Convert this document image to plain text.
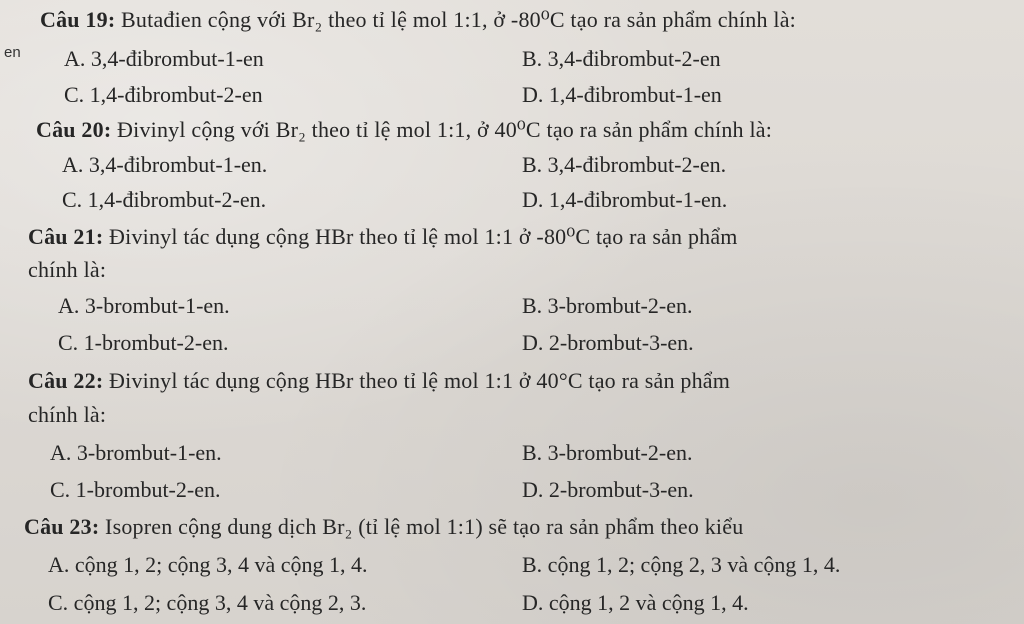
en
Câu 19: Butađien cộng với Br₂ theo tỉ lệ mol 1:1, ở -80⁰C tạo ra sản phẩm chính là:
A. 3,4-đibrombut-1-en	B. 3,4-đibrombut-2-en
C. 1,4-đibrombut-2-en	D. 1,4-đibrombut-1-en
Câu 20: Đivinyl cộng với Br₂ theo tỉ lệ mol 1:1, ở 40⁰C tạo ra sản phẩm chính là:
A. 3,4-đibrombut-1-en.	B. 3,4-đibrombut-2-en.
C. 1,4-đibrombut-2-en.	D. 1,4-đibrombut-1-en.
Câu 21: Đivinyl tác dụng cộng HBr theo tỉ lệ mol 1:1 ở -80⁰C tạo ra sản phẩm
chính là:
A. 3-brombut-1-en.	B. 3-brombut-2-en.
C. 1-brombut-2-en.	D. 2-brombut-3-en.
Câu 22: Đivinyl tác dụng cộng HBr theo tỉ lệ mol 1:1 ở 40°C tạo ra sản phẩm
chính là:
A. 3-brombut-1-en.	B. 3-brombut-2-en.
C. 1-brombut-2-en.	D. 2-brombut-3-en.
Câu 23: Isopren cộng dung dịch Br₂ (tỉ lệ mol 1:1) sẽ tạo ra sản phẩm theo kiểu
A. cộng 1, 2; cộng 3, 4 và cộng 1, 4.	B. cộng 1, 2; cộng 2, 3 và cộng 1, 4.
C. cộng 1, 2; cộng 3, 4 và cộng 2, 3.	D. cộng 1, 2 và cộng 1, 4.
